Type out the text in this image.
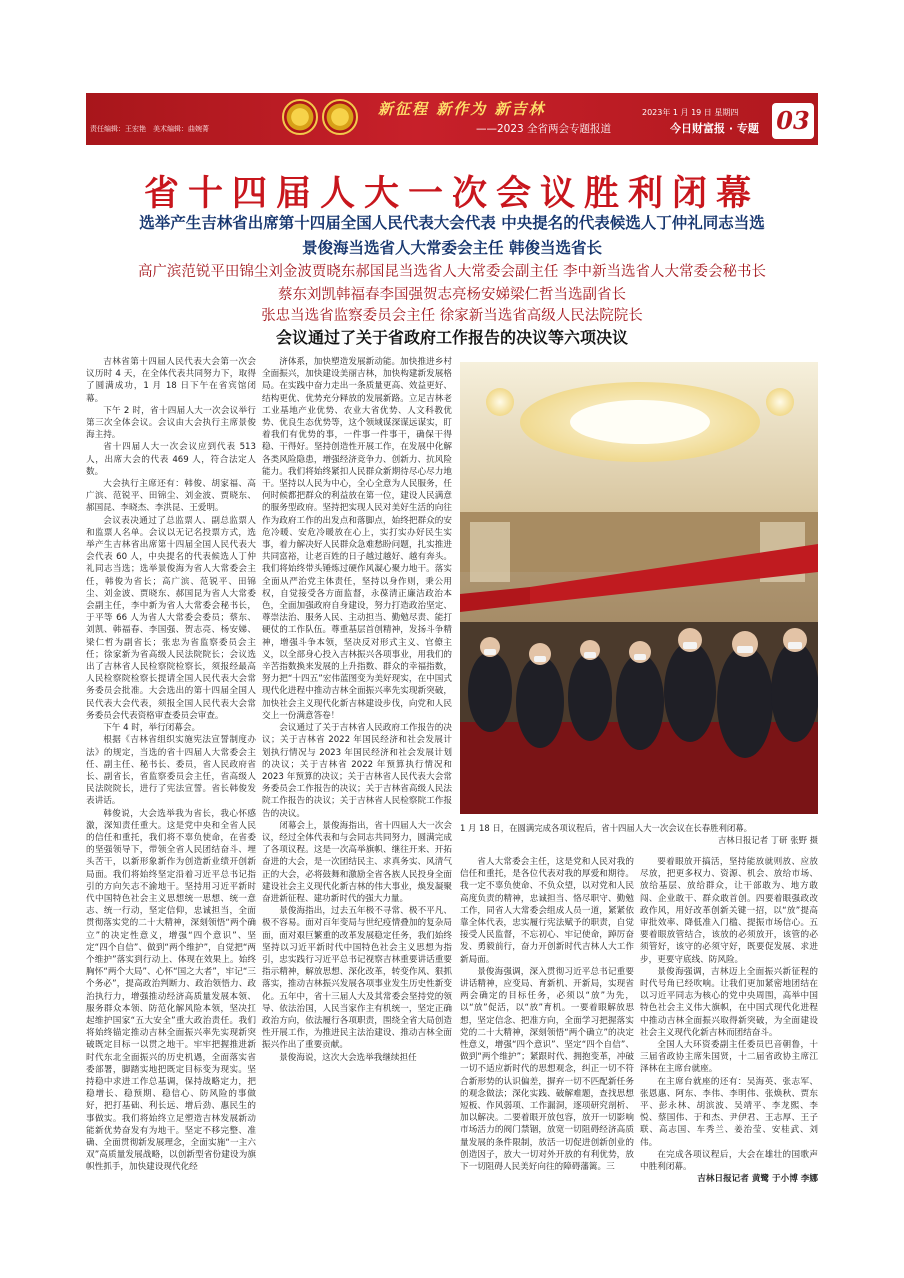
责任编辑：王宏艳　美术编辑：曲婉菁
新征程 新作为 新吉林
——2023 全省两会专题报道
2023年 1 月 19 日 星期四
今日财富报 · 专题 03
省十四届人大一次会议胜利闭幕
选举产生吉林省出席第十四届全国人民代表大会代表 中央提名的代表候选人丁仲礼同志当选
景俊海当选省人大常委会主任 韩俊当选省长
高广滨范锐平田锦尘刘金波贾晓东郝国昆当选省人大常委会副主任 李中新当选省人大常委会秘书长
蔡东刘凯韩福春李国强贺志亮杨安娣梁仁哲当选副省长
张忠当选省监察委员会主任 徐家新当选省高级人民法院院长
会议通过了关于省政府工作报告的决议等六项决议

吉林省第十四届人民代表大会第一次会议历时 4 天，在全体代表共同努力下，取得了圆满成功，1 月 18 日下午在省宾馆闭幕。

下午 2 时，省十四届人大一次会议举行第三次全体会议。会议由大会执行主席景俊海主持。

省十四届人大一次会议应到代表 513 人，出席大会的代表 469 人，符合法定人数。

大会执行主席还有：韩俊、胡家福、高广滨、范锐平、田锦尘、刘金波、贾晓东、郝国昆、李晓杰、李洪昆、王爱明。

会议表决通过了总监票人、副总监票人和监票人名单。会议以无记名投票方式，选举产生吉林省出席第十四届全国人民代表大会代表 60 人，中央提名的代表候选人丁仲礼同志当选；选举景俊海为省人大常委会主任，韩俊为省长；高广滨、范锐平、田锦尘、刘金波、贾晓东、郝国昆为省人大常委会副主任，李中新为省人大常委会秘书长，于平等 66 人为省人大常委会委员；蔡东、刘凯、韩福春、李国强、贺志亮、杨安娣、梁仁哲为副省长；张忠为省监察委员会主任；徐家新为省高级人民法院院长；会议选出了吉林省人民检察院检察长，须报经最高人民检察院检察长提请全国人民代表大会常务委员会批准。大会选出的第十四届全国人民代表大会代表，须报全国人民代表大会常务委员会代表资格审查委员会审查。

下午 4 时，举行闭幕会。

根据《吉林省组织实施宪法宣誓制度办法》的规定，当选的省十四届人大常委会主任、副主任、秘书长、委员，省人民政府省长、副省长，省监察委员会主任，省高级人民法院院长，进行了宪法宣誓。省长韩俊发表讲话。

韩俊说，大会选举我为省长，我心怀感激，深知责任重大。这是党中央和全省人民的信任和重托，我们将不辜负使命，在省委的坚强领导下，带领全省人民团结奋斗、埋头苦干，以新形象新作为创造新业绩开创新局面。我们将始终坚定沿着习近平总书记指引的方向矢志不渝地干。坚持用习近平新时代中国特色社会主义思想统一思想、统一意志、统一行动，坚定信仰，忠诚担当，全面贯彻落实党的二十大精神，深刻领悟“两个确立”的决定性意义，增强“四个意识”、坚定“四个自信”、做到“两个维护”，自觉把“两个维护”落实到行动上、体现在效果上。始终胸怀“两个大局”、心怀“国之大者”，牢记“三个务必”，提高政治判断力、政治领悟力、政治执行力，增强推动经济高质量发展本领、服务群众本领、防范化解风险本领，坚决扛起维护国家“五大安全”重大政治责任。我们将始终锚定推动吉林全面振兴率先实现新突破既定目标一以贯之地干。牢牢把握推进新时代东北全面振兴的历史机遇，全面落实省委部署，脚踏实地把既定目标变为现实。坚持稳中求进工作总基调，保持战略定力，把稳增长、稳预期、稳信心、防风险的事做好，把打基础、利长远、增后劲、惠民生的事做实。我们将始终立足塑造吉林发展新动能新优势奋发有为地干。坚定不移完整、准确、全面贯彻新发展理念，全面实施“一主六双”高质量发展战略，以创新型省份建设为旗帜性抓手，加快建设现代化经

济体系，加快塑造发展新动能。加快推进乡村全面振兴，加快建设美丽吉林，加快构建新发展格局。在实践中奋力走出一条质量更高、效益更好、结构更优、优势充分释放的发展新路。立足吉林老工业基地产业优势、农业大省优势、人文科教优势、优良生态优势等，这个领域谋深谋远谋实，盯着我们有优势的事，一件事一件事干，确保干得稳、干得好。坚持创造性开展工作，在发展中化解各类风险隐患，增强经济竞争力、创新力、抗风险能力。我们将始终紧扣人民群众新期待尽心尽力地干。坚持以人民为中心，全心全意为人民服务，任何时候都把群众的利益放在第一位，建设人民满意的服务型政府。坚持把实现人民对美好生活的向往作为政府工作的出发点和落脚点，始终把群众的安危冷暖、安危冷暖放在心上，实打实办好民生实事，着力解决好人民群众急难愁盼问题，扎实推进共同富裕，让老百姓的日子越过越好、越有奔头。我们将始终带头锤炼过硬作风凝心聚力地干。落实全面从严治党主体责任，坚持以身作则，秉公用权，自觉接受各方面监督，永葆清正廉洁政治本色，全面加强政府自身建设，努力打造政治坚定、尊崇法治、服务人民、主动担当、勤勉尽责、能打硬仗的工作队伍。尊重基层首创精神，发扬斗争精神，增强斗争本领，坚决反对形式主义、官僚主义，以全部身心投入吉林振兴各项事业，用我们的辛苦指数换来发展的上升指数、群众的幸福指数，努力把“十四五”宏伟蓝图变为美好现实，在中国式现代化进程中推动吉林全面振兴率先实现新突破，加快社会主义现代化新吉林建设步伐，向党和人民交上一份满意答卷！

会议通过了关于吉林省人民政府工作报告的决议；关于吉林省 2022 年国民经济和社会发展计划执行情况与 2023 年国民经济和社会发展计划的决议；关于吉林省 2022 年预算执行情况和 2023 年预算的决议；关于吉林省人民代表大会常务委员会工作报告的决议；关于吉林省高级人民法院工作报告的决议；关于吉林省人民检察院工作报告的决议。

闭幕会上，景俊海指出，省十四届人大一次会议，经过全体代表和与会同志共同努力，圆满完成了各项议程。这是一次高举旗帜、继往开来、开拓奋进的大会，是一次团结民主、求真务实、风清气正的大会，必将鼓舞和激励全省各族人民投身全面建设社会主义现代化新吉林的伟大事业，焕发凝聚奋进新征程、建功新时代的强大力量。

景俊海指出，过去五年极不寻常、极不平凡、极不容易。面对百年变局与世纪疫情叠加的复杂局面，面对艰巨繁重的改革发展稳定任务，我们始终坚持以习近平新时代中国特色社会主义思想为指引，忠实践行习近平总书记视察吉林重要讲话重要指示精神，解放思想、深化改革，转变作风、狠抓落实，推动吉林振兴发展各项事业发生历史性新变化。五年中，省十三届人大及其常委会坚持党的领导、依法治国，人民当家作主有机统一，坚定正确政治方向，依法履行各项职责，围绕全省大局创造性开展工作，为推进民主法治建设、推动吉林全面振兴作出了重要贡献。

景俊海说，这次大会选举我继续担任

1 月 18 日，在圆满完成各项议程后，省十四届人大一次会议在长春胜利闭幕。
吉林日报记者 丁研 张野 摄

省人大常委会主任，这是党和人民对我的信任和重托，是各位代表对我的厚爱和期待。我一定不辜负使命、不负众望，以对党和人民高度负责的精神，忠诚担当、恪尽职守、勤勉工作，同省人大常委会组成人员一道，紧紧依靠全体代表，忠实履行宪法赋予的职责，自觉接受人民监督，不忘初心、牢记使命，踔厉奋发、勇毅前行，奋力开创新时代吉林人大工作新局面。

景俊海强调，深入贯彻习近平总书记重要讲话精神，应变局、育新机、开新局，实现省两会确定的目标任务，必须以“放”为先，以“放”促活，以“放”育机。一要着眼解放思想，坚定信念、把准方向，全面学习把握落实党的二十大精神，深刻领悟“两个确立”的决定性意义，增强“四个意识”、坚定“四个自信”、做到“两个维护”；紧跟时代、拥抱变革，冲破一切不适应新时代的思想观念，纠正一切不符合新形势的认识偏差，摒弃一切不匹配新任务的观念做法；深化实践、破解难题，查找思想短板、作风弱项、工作漏洞，逐项研究剖析、加以解决。二要着眼开放包容，放开一切影响市场活力的阀门禁锢，放宽一切阻碍经济高质量发展的条件限制，放活一切促进创新创业的创造因子，放大一切对外开放的有利优势，放下一切阻碍人民美好向往的障碍藩篱。三

要着眼放开搞活，坚持能放就则放、应放尽放，把更多权力、资源、机会、放给市场、放给基层、放给群众，让干部敢为、地方敢闯、企业敢干、群众敢首创。四要着眼强政改政作风，用好改革创新关键一招，以“放”提高审批效率、降低准入门槛、提振市场信心。五要着眼放管结合，该放的必须放开，该管的必须管好，该守的必须守好，既要促发展、求进步，更要守底线、防风险。

景俊海强调，吉林迈上全面振兴新征程的时代号角已经吹响。让我们更加紧密地团结在以习近平同志为核心的党中央周围，高举中国特色社会主义伟大旗帜，在中国式现代化进程中推动吉林全面振兴取得新突破，为全面建设社会主义现代化新吉林而团结奋斗。

全国人大环资委副主任委员巴音朝鲁，十三届省政协主席朱国贤，十二届省政协主席江泽林在主席台就座。

在主席台就座的还有：吴海英、张志军、张恩惠、阿东、李伟、李明伟、张焕秋、贾东平、彭永林、胡滨波、吴靖平、李龙熙、李悦、蔡国伟、于和杰、尹伊君、王志厚、王子联、高志国、车秀兰、姜治莹、安桂武、刘伟。

在完成各项议程后，大会在雄壮的国歌声中胜利闭幕。

吉林日报记者 黄鹭 于小博 李娜
